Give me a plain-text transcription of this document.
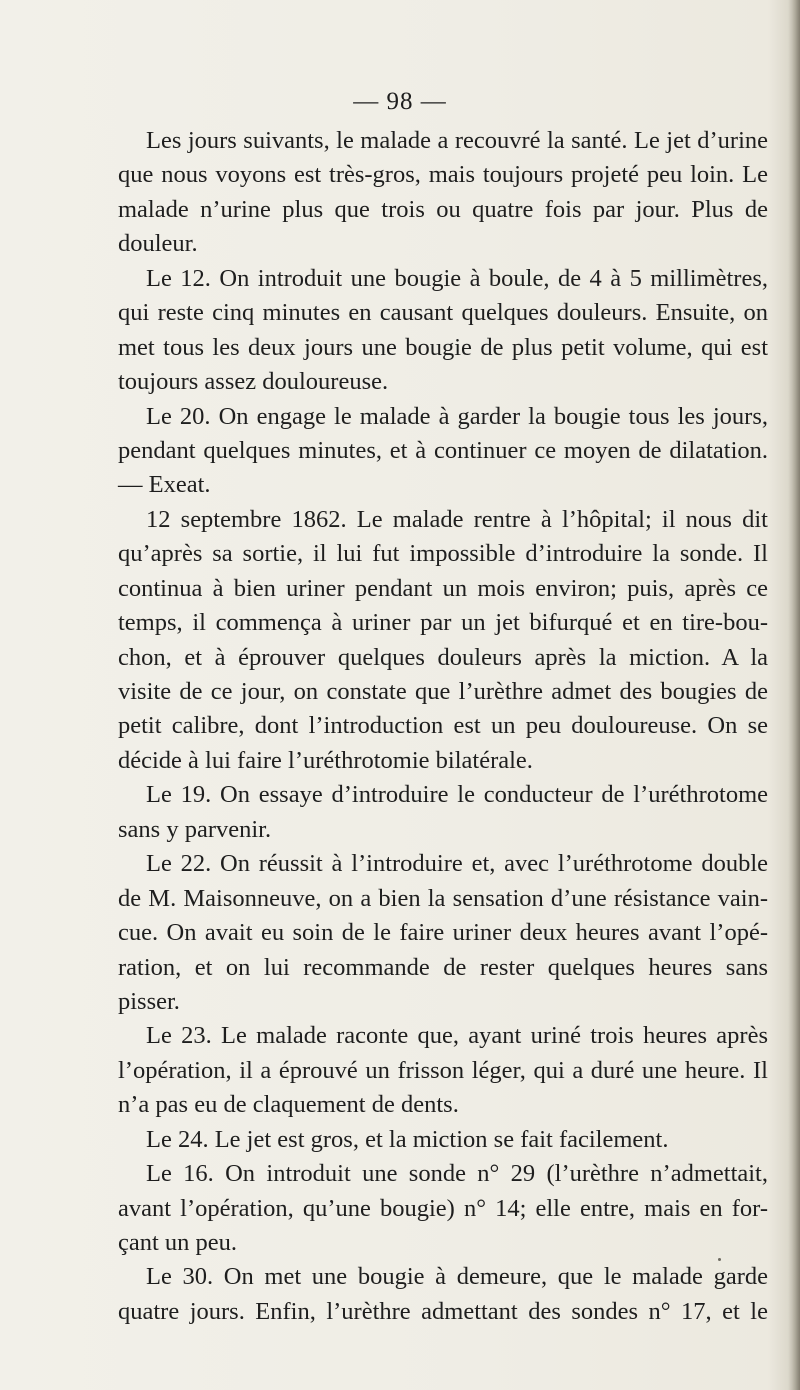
— 98 —
Les jours suivants, le malade a recouvré la santé. Le jet d’urine
que nous voyons est très-gros, mais toujours projeté peu loin. Le
malade n’urine plus que trois ou quatre fois par jour. Plus de
douleur.
Le 12. On introduit une bougie à boule, de 4 à 5 millimètres,
qui reste cinq minutes en causant quelques douleurs. Ensuite, on
met tous les deux jours une bougie de plus petit volume, qui est
toujours assez douloureuse.
Le 20. On engage le malade à garder la bougie tous les jours,
pendant quelques minutes, et à continuer ce moyen de dilatation.
— Exeat.
12 septembre 1862. Le malade rentre à l’hôpital; il nous dit
qu’après sa sortie, il lui fut impossible d’introduire la sonde. Il
continua à bien uriner pendant un mois environ; puis, après ce
temps, il commença à uriner par un jet bifurqué et en tire-bou-
chon, et à éprouver quelques douleurs après la miction. A la
visite de ce jour, on constate que l’urèthre admet des bougies de
petit calibre, dont l’introduction est un peu douloureuse. On se
décide à lui faire l’uréthrotomie bilatérale.
Le 19. On essaye d’introduire le conducteur de l’uréthrotome
sans y parvenir.
Le 22. On réussit à l’introduire et, avec l’uréthrotome double
de M. Maisonneuve, on a bien la sensation d’une résistance vain-
cue. On avait eu soin de le faire uriner deux heures avant l’opé-
ration, et on lui recommande de rester quelques heures sans
pisser.
Le 23. Le malade raconte que, ayant uriné trois heures après
l’opération, il a éprouvé un frisson léger, qui a duré une heure. Il
n’a pas eu de claquement de dents.
Le 24. Le jet est gros, et la miction se fait facilement.
Le 16. On introduit une sonde n° 29 (l’urèthre n’admettait,
avant l’opération, qu’une bougie) n° 14; elle entre, mais en for-
çant un peu.
Le 30. On met une bougie à demeure, que le malade garde
quatre jours. Enfin, l’urèthre admettant des sondes n° 17, et le
